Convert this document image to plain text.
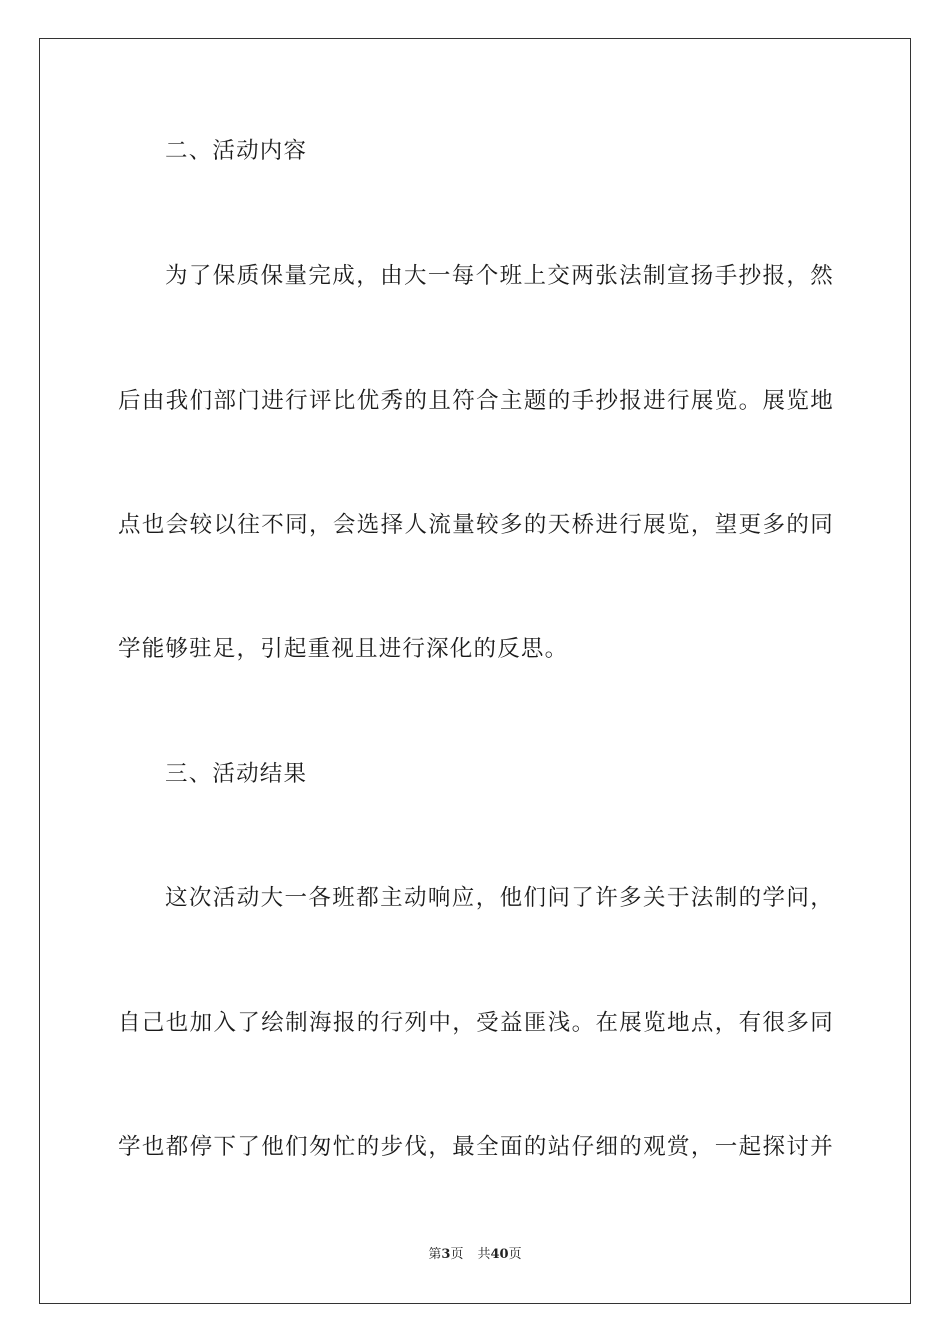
二、活动内容
为了保质保量完成，由大一每个班上交两张法制宣扬手抄报，然
后由我们部门进行评比优秀的且符合主题的手抄报进行展览。展览地
点也会较以往不同，会选择人流量较多的天桥进行展览，望更多的同
学能够驻足，引起重视且进行深化的反思。
三、活动结果
这次活动大一各班都主动响应，他们问了许多关于法制的学问，
自己也加入了绘制海报的行列中，受益匪浅。在展览地点，有很多同
学也都停下了他们匆忙的步伐，最全面的站仔细的观赏，一起探讨并
第3页 共40页
